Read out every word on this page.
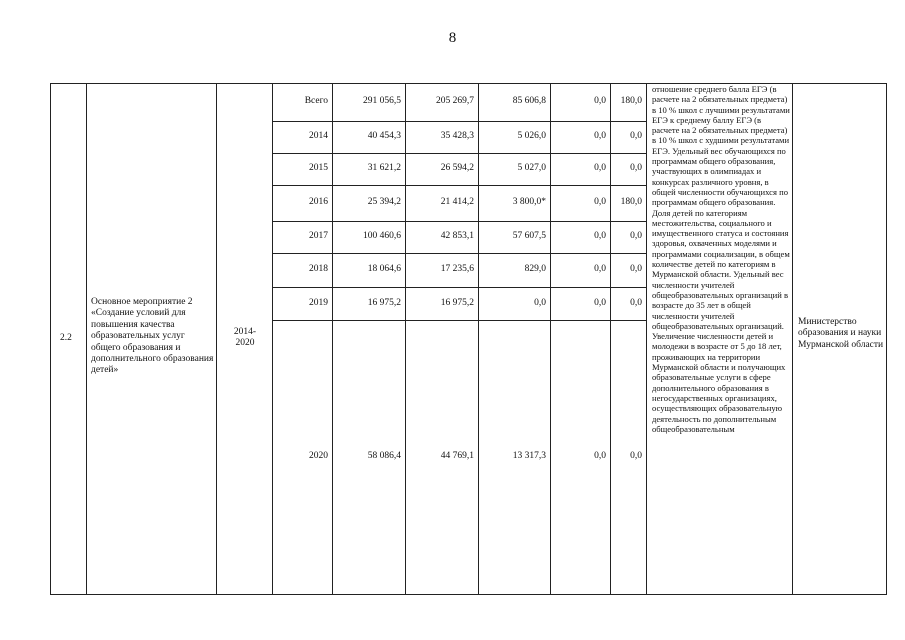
8
2.2
Основное мероприятие 2
«Создание условий для повышения качества образовательных услуг общего образования и дополнительного образования детей»
2014-
2020
Всего	291 056,5	205 269,7	85 606,8	0,0	180,0
2014	40 454,3	35 428,3	5 026,0	0,0	0,0
2015	31 621,2	26 594,2	5 027,0	0,0	0,0
2016	25 394,2	21 414,2	3 800,0*	0,0	180,0
2017	100 460,6	42 853,1	57 607,5	0,0	0,0
2018	18 064,6	17 235,6	829,0	0,0	0,0
2019	16 975,2	16 975,2	0,0	0,0	0,0
2020	58 086,4	44 769,1	13 317,3	0,0	0,0
отношение среднего балла ЕГЭ (в расчете на 2 обязательных предмета) в 10 % школ с лучшими результатами ЕГЭ к среднему баллу ЕГЭ (в расчете на 2 обязательных предмета) в 10 % школ с худшими результатами ЕГЭ. Удельный вес обучающихся по программам общего образования, участвующих в олимпиадах и конкурсах различного уровня, в общей численности обучающихся по программам общего образования. Доля детей по категориям местожительства, социального и имущественного статуса и состояния здоровья, охваченных моделями и программами социализации, в общем количестве детей по категориям в Мурманской области. Удельный вес численности учителей общеобразовательных организаций в возрасте до 35 лет в общей численности учителей общеобразовательных организаций. Увеличение численности детей и молодежи в возрасте от 5 до 18 лет, проживающих на территории Мурманской области и получающих образовательные услуги в сфере дополнительного образования в негосударственных организациях, осуществляющих образовательную деятельность по дополнительным общеобразовательным
Министерство образования и науки Мурманской области
